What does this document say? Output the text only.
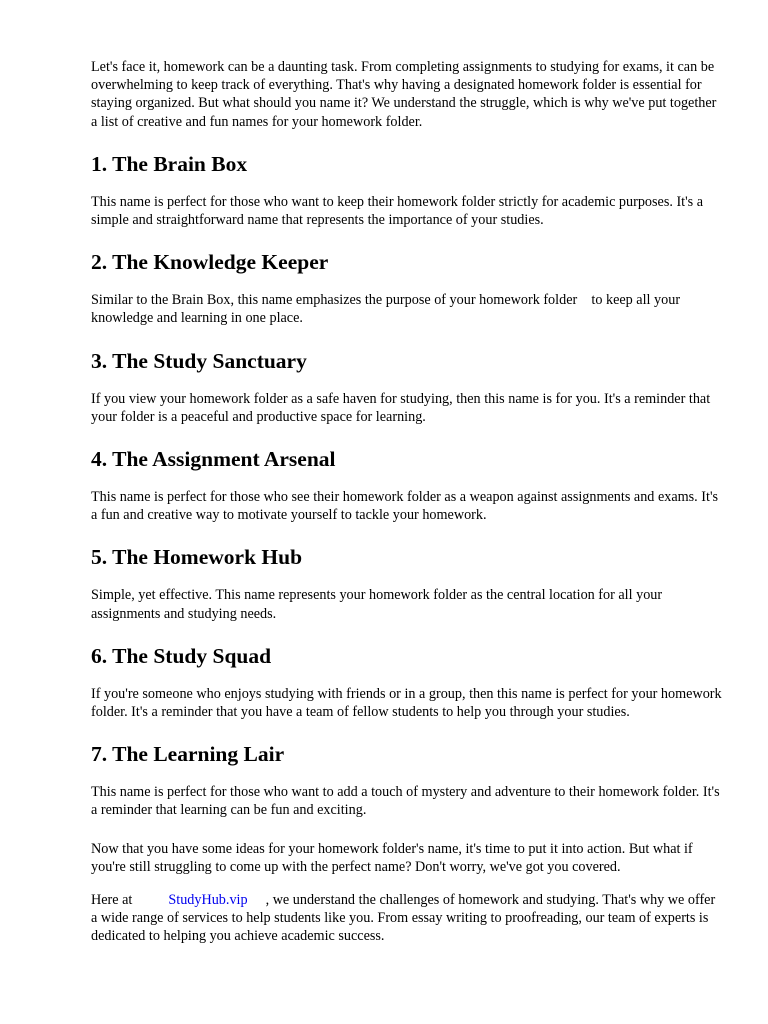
Let's face it, homework can be a daunting task. From completing assignments to studying for exams, it can be overwhelming to keep track of everything. That's why having a designated homework folder is essential for staying organized. But what should you name it? We understand the struggle, which is why we've put together a list of creative and fun names for your homework folder.

1. The Brain Box

This name is perfect for those who want to keep their homework folder strictly for academic purposes. It's a simple and straightforward name that represents the importance of your studies.

2. The Knowledge Keeper

Similar to the Brain Box, this name emphasizes the purpose of your homework folder    to keep all your knowledge and learning in one place.

3. The Study Sanctuary

If you view your homework folder as a safe haven for studying, then this name is for you. It's a reminder that your folder is a peaceful and productive space for learning.

4. The Assignment Arsenal

This name is perfect for those who see their homework folder as a weapon against assignments and exams. It's a fun and creative way to motivate yourself to tackle your homework.

5. The Homework Hub

Simple, yet effective. This name represents your homework folder as the central location for all your assignments and studying needs.

6. The Study Squad

If you're someone who enjoys studying with friends or in a group, then this name is perfect for your homework folder. It's a reminder that you have a team of fellow students to help you through your studies.

7. The Learning Lair

This name is perfect for those who want to add a touch of mystery and adventure to their homework folder. It's a reminder that learning can be fun and exciting.

Now that you have some ideas for your homework folder's name, it's time to put it into action. But what if you're still struggling to come up with the perfect name? Don't worry, we've got you covered.

Here at	StudyHub.vip , we understand the challenges of homework and studying. That's why we offer a wide range of services to help students like you. From essay writing to proofreading, our team of experts is dedicated to helping you achieve academic success.
